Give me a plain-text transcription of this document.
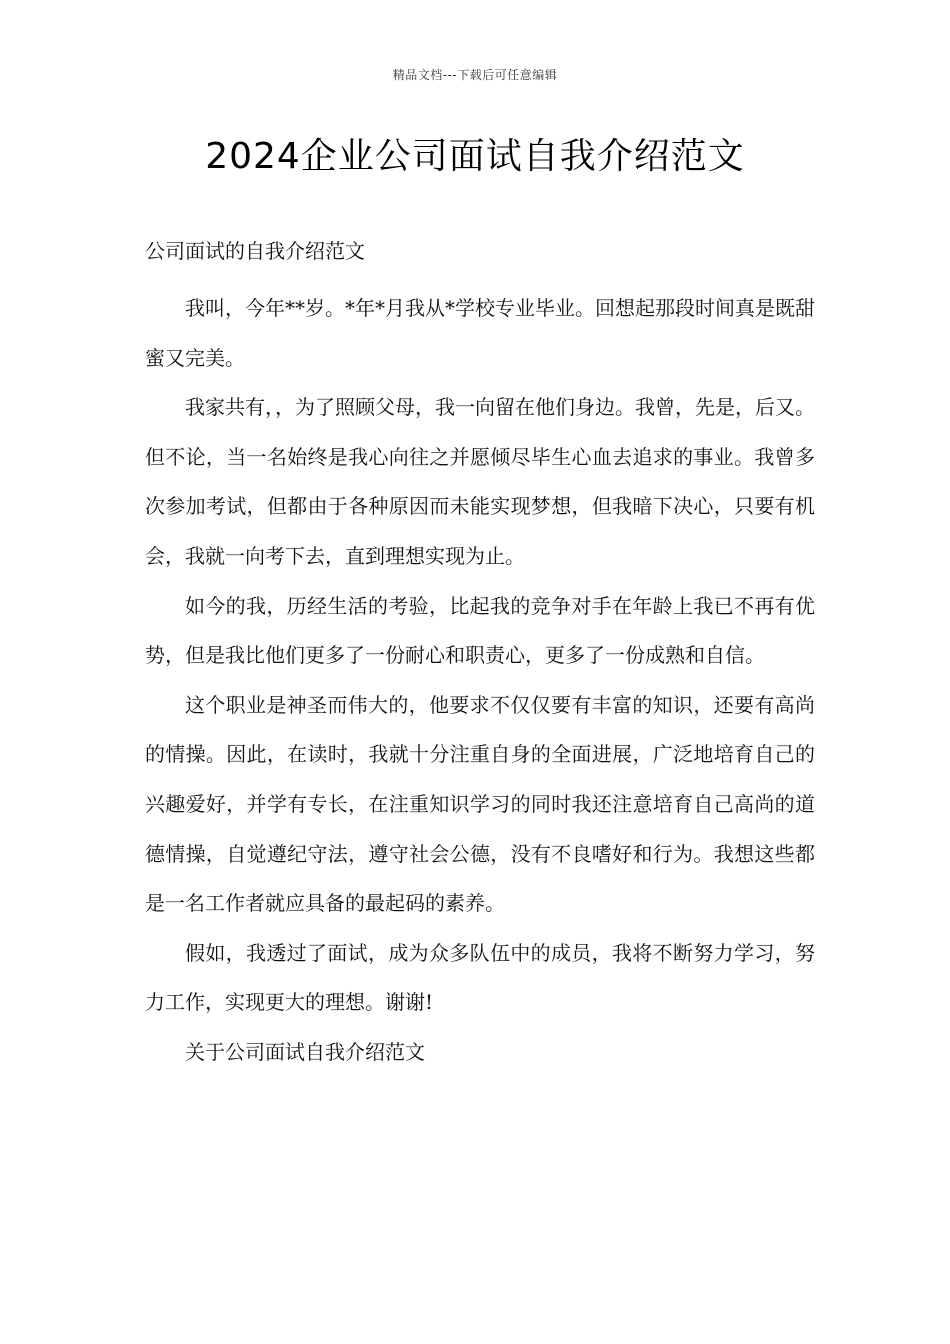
精品文档---下载后可任意编辑
2024企业公司面试自我介绍范文
公司面试的自我介绍范文

我叫，今年**岁。*年*月我从*学校专业毕业。回想起那段时间真是既甜蜜又完美。

我家共有，，为了照顾父母，我一向留在他们身边。我曾，先是，后又。但不论，当一名始终是我心向往之并愿倾尽毕生心血去追求的事业。我曾多次参加考试，但都由于各种原因而未能实现梦想，但我暗下决心，只要有机会，我就一向考下去，直到理想实现为止。

如今的我，历经生活的考验，比起我的竞争对手在年龄上我已不再有优势，但是我比他们更多了一份耐心和职责心，更多了一份成熟和自信。

这个职业是神圣而伟大的，他要求不仅仅要有丰富的知识，还要有高尚的情操。因此，在读时，我就十分注重自身的全面进展，广泛地培育自己的兴趣爱好，并学有专长，在注重知识学习的同时我还注意培育自己高尚的道德情操，自觉遵纪守法，遵守社会公德，没有不良嗜好和行为。我想这些都是一名工作者就应具备的最起码的素养。

假如，我透过了面试，成为众多队伍中的成员，我将不断努力学习，努力工作，实现更大的理想。谢谢!

关于公司面试自我介绍范文
